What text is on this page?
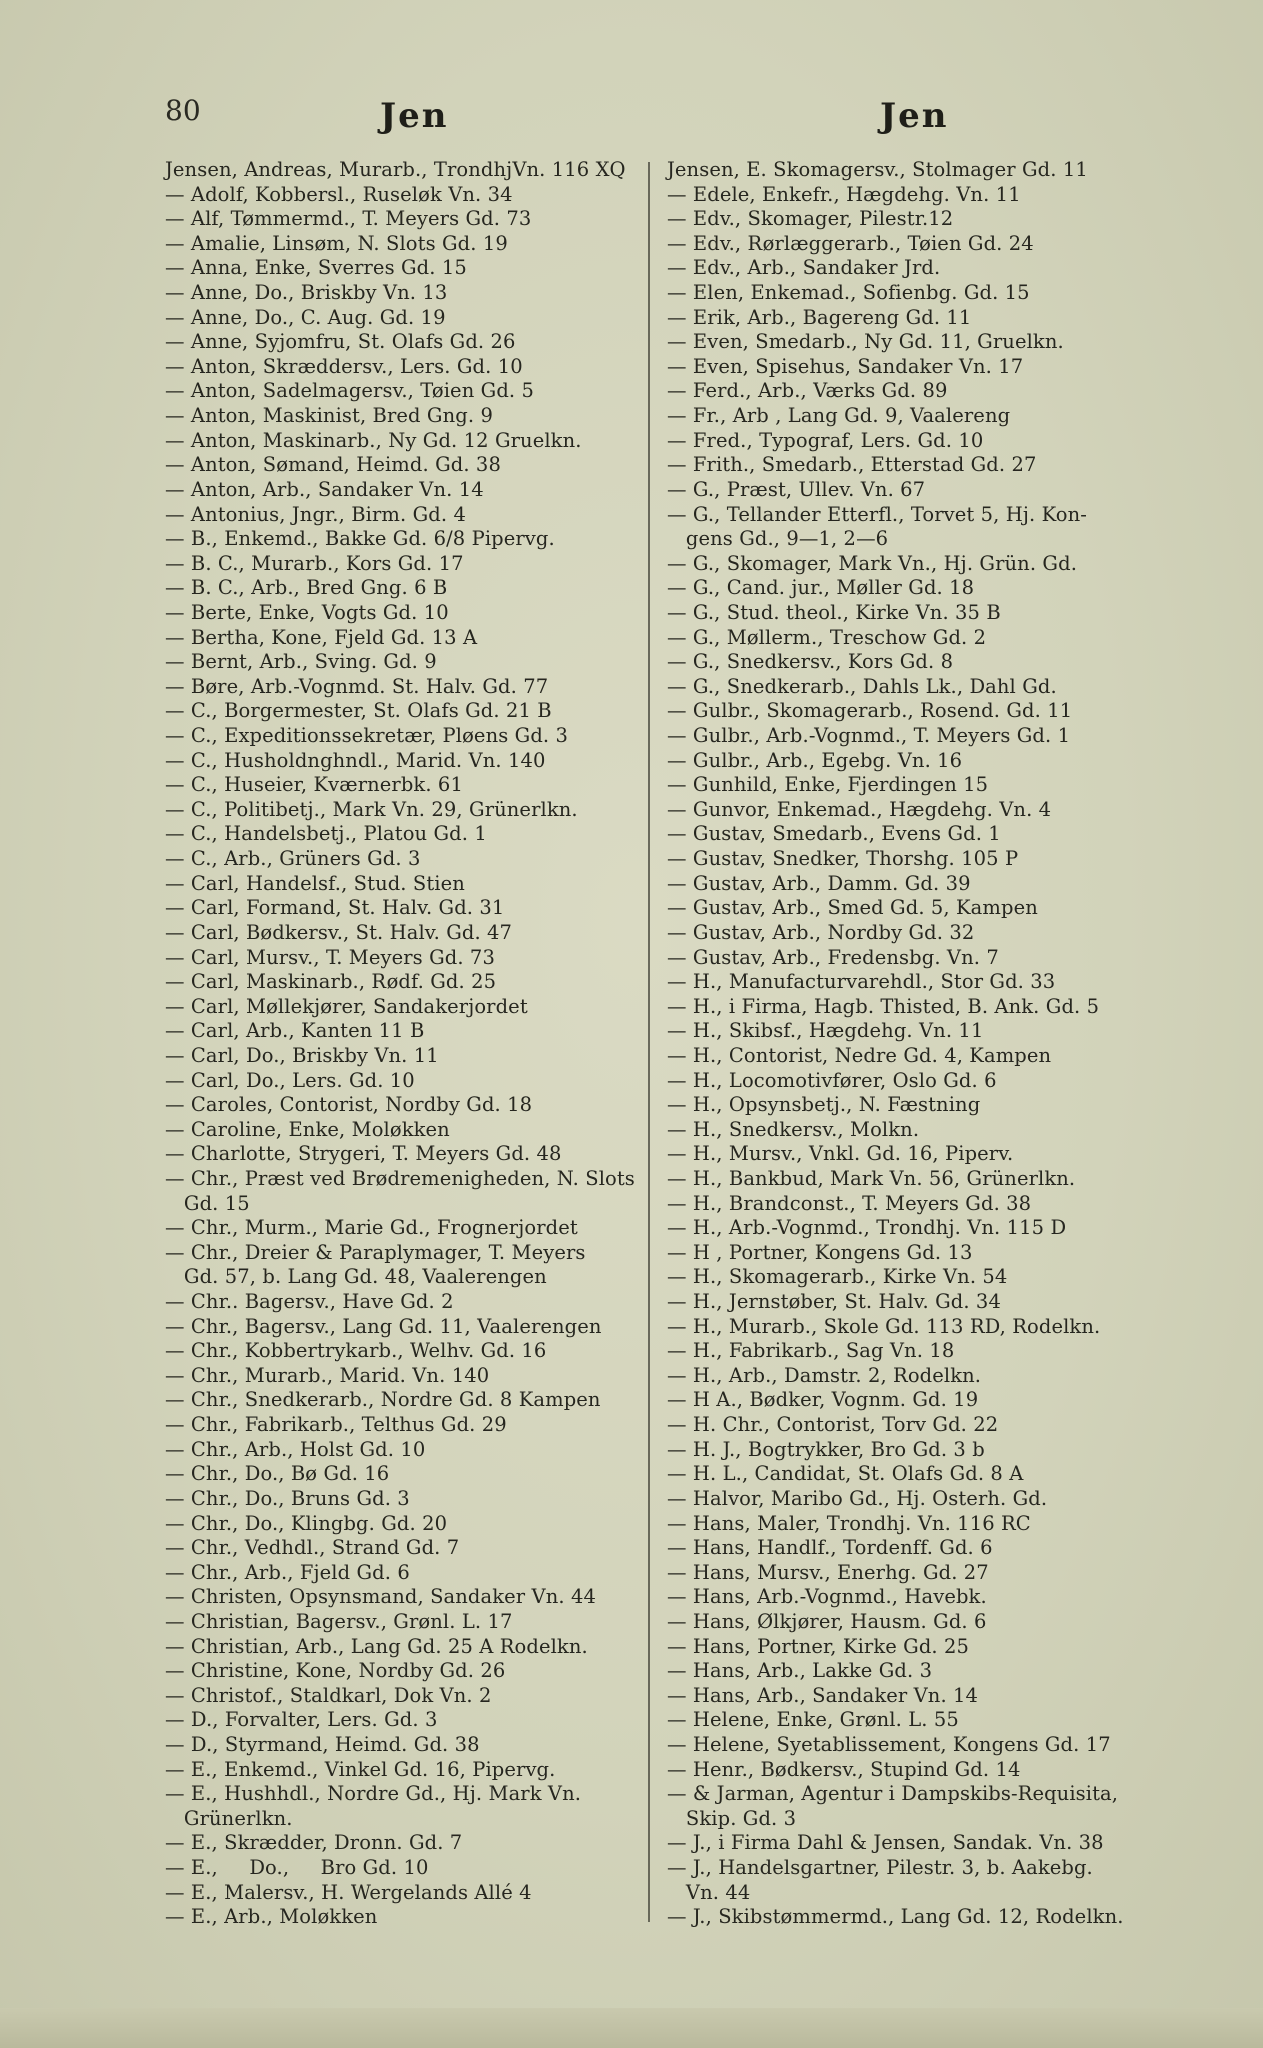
80	Jen	Jen
Jensen, Andreas, Murarb., TrondhjVn. 116 XQ
— Adolf, Kobbersl., Ruseløk Vn. 34
— Alf, Tømmermd., T. Meyers Gd. 73
— Amalie, Linsøm, N. Slots Gd. 19
— Anna, Enke, Sverres Gd. 15
— Anne, Do., Briskby Vn. 13
— Anne, Do., C. Aug. Gd. 19
— Anne, Syjomfru, St. Olafs Gd. 26
— Anton, Skræddersv., Lers. Gd. 10
— Anton, Sadelmagersv., Tøien Gd. 5
— Anton, Maskinist, Bred Gng. 9
— Anton, Maskinarb., Ny Gd. 12 Gruelkn.
— Anton, Sømand, Heimd. Gd. 38
— Anton, Arb., Sandaker Vn. 14
— Antonius, Jngr., Birm. Gd. 4
— B., Enkemd., Bakke Gd. 6/8 Pipervg.
— B. C., Murarb., Kors Gd. 17
— B. C., Arb., Bred Gng. 6 B
— Berte, Enke, Vogts Gd. 10
— Bertha, Kone, Fjeld Gd. 13 A
— Bernt, Arb., Sving. Gd. 9
— Børe, Arb.-Vognmd. St. Halv. Gd. 77
— C., Borgermester, St. Olafs Gd. 21 B
— C., Expeditionssekretær, Pløens Gd. 3
— C., Husholdnghndl., Marid. Vn. 140
— C., Huseier, Kværnerbk. 61
— C., Politibetj., Mark Vn. 29, Grünerlkn.
— C., Handelsbetj., Platou Gd. 1
— C., Arb., Grüners Gd. 3
— Carl, Handelsf., Stud. Stien
— Carl, Formand, St. Halv. Gd. 31
— Carl, Bødkersv., St. Halv. Gd. 47
— Carl, Mursv., T. Meyers Gd. 73
— Carl, Maskinarb., Rødf. Gd. 25
— Carl, Møllekjører, Sandakerjordet
— Carl, Arb., Kanten 11 B
— Carl, Do., Briskby Vn. 11
— Carl, Do., Lers. Gd. 10
— Caroles, Contorist, Nordby Gd. 18
— Caroline, Enke, Moløkken
— Charlotte, Strygeri, T. Meyers Gd. 48
— Chr., Præst ved Brødremenigheden, N. Slots
Gd. 15
— Chr., Murm., Marie Gd., Frognerjordet
— Chr., Dreier & Paraplymager, T. Meyers
Gd. 57, b. Lang Gd. 48, Vaalerengen
— Chr.. Bagersv., Have Gd. 2
— Chr., Bagersv., Lang Gd. 11, Vaalerengen
— Chr., Kobbertrykarb., Welhv. Gd. 16
— Chr., Murarb., Marid. Vn. 140
— Chr., Snedkerarb., Nordre Gd. 8 Kampen
— Chr., Fabrikarb., Telthus Gd. 29
— Chr., Arb., Holst Gd. 10
— Chr., Do., Bø Gd. 16
— Chr., Do., Bruns Gd. 3
— Chr., Do., Klingbg. Gd. 20
— Chr., Vedhdl., Strand Gd. 7
— Chr., Arb., Fjeld Gd. 6
— Christen, Opsynsmand, Sandaker Vn. 44
— Christian, Bagersv., Grønl. L. 17
— Christian, Arb., Lang Gd. 25 A Rodelkn.
— Christine, Kone, Nordby Gd. 26
— Christof., Staldkarl, Dok Vn. 2
— D., Forvalter, Lers. Gd. 3
— D., Styrmand, Heimd. Gd. 38
— E., Enkemd., Vinkel Gd. 16, Pipervg.
— E., Hushhdl., Nordre Gd., Hj. Mark Vn.
Grünerlkn.
— E., Skrædder, Dronn. Gd. 7
— E.,     Do.,     Bro Gd. 10
— E., Malersv., H. Wergelands Allé 4
— E., Arb., Moløkken
Jensen, E. Skomagersv., Stolmager Gd. 11
— Edele, Enkefr., Hægdehg. Vn. 11
— Edv., Skomager, Pilestr.12
— Edv., Rørlæggerarb., Tøien Gd. 24
— Edv., Arb., Sandaker Jrd.
— Elen, Enkemad., Sofienbg. Gd. 15
— Erik, Arb., Bagereng Gd. 11
— Even, Smedarb., Ny Gd. 11, Gruelkn.
— Even, Spisehus, Sandaker Vn. 17
— Ferd., Arb., Værks Gd. 89
— Fr., Arb , Lang Gd. 9, Vaalereng
— Fred., Typograf, Lers. Gd. 10
— Frith., Smedarb., Etterstad Gd. 27
— G., Præst, Ullev. Vn. 67
— G., Tellander Etterfl., Torvet 5, Hj. Kon-
gens Gd., 9—1, 2—6
— G., Skomager, Mark Vn., Hj. Grün. Gd.
— G., Cand. jur., Møller Gd. 18
— G., Stud. theol., Kirke Vn. 35 B
— G., Møllerm., Treschow Gd. 2
— G., Snedkersv., Kors Gd. 8
— G., Snedkerarb., Dahls Lk., Dahl Gd.
— Gulbr., Skomagerarb., Rosend. Gd. 11
— Gulbr., Arb.-Vognmd., T. Meyers Gd. 1
— Gulbr., Arb., Egebg. Vn. 16
— Gunhild, Enke, Fjerdingen 15
— Gunvor, Enkemad., Hægdehg. Vn. 4
— Gustav, Smedarb., Evens Gd. 1
— Gustav, Snedker, Thorshg. 105 P
— Gustav, Arb., Damm. Gd. 39
— Gustav, Arb., Smed Gd. 5, Kampen
— Gustav, Arb., Nordby Gd. 32
— Gustav, Arb., Fredensbg. Vn. 7
— H., Manufacturvarehdl., Stor Gd. 33
— H., i Firma, Hagb. Thisted, B. Ank. Gd. 5
— H., Skibsf., Hægdehg. Vn. 11
— H., Contorist, Nedre Gd. 4, Kampen
— H., Locomotivfører, Oslo Gd. 6
— H., Opsynsbetj., N. Fæstning
— H., Snedkersv., Molkn.
— H., Mursv., Vnkl. Gd. 16, Piperv.
— H., Bankbud, Mark Vn. 56, Grünerlkn.
— H., Brandconst., T. Meyers Gd. 38
— H., Arb.-Vognmd., Trondhj. Vn. 115 D
— H , Portner, Kongens Gd. 13
— H., Skomagerarb., Kirke Vn. 54
— H., Jernstøber, St. Halv. Gd. 34
— H., Murarb., Skole Gd. 113 RD, Rodelkn.
— H., Fabrikarb., Sag Vn. 18
— H., Arb., Damstr. 2, Rodelkn.
— H A., Bødker, Vognm. Gd. 19
— H. Chr., Contorist, Torv Gd. 22
— H. J., Bogtrykker, Bro Gd. 3 b
— H. L., Candidat, St. Olafs Gd. 8 A
— Halvor, Maribo Gd., Hj. Osterh. Gd.
— Hans, Maler, Trondhj. Vn. 116 RC
— Hans, Handlf., Tordenff. Gd. 6
— Hans, Mursv., Enerhg. Gd. 27
— Hans, Arb.-Vognmd., Havebk.
— Hans, Ølkjører, Hausm. Gd. 6
— Hans, Portner, Kirke Gd. 25
— Hans, Arb., Lakke Gd. 3
— Hans, Arb., Sandaker Vn. 14
— Helene, Enke, Grønl. L. 55
— Helene, Syetablissement, Kongens Gd. 17
— Henr., Bødkersv., Stupind Gd. 14
— & Jarman, Agentur i Dampskibs-Requisita,
Skip. Gd. 3
— J., i Firma Dahl & Jensen, Sandak. Vn. 38
— J., Handelsgartner, Pilestr. 3, b. Aakebg.
Vn. 44
— J., Skibstømmermd., Lang Gd. 12, Rodelkn.
